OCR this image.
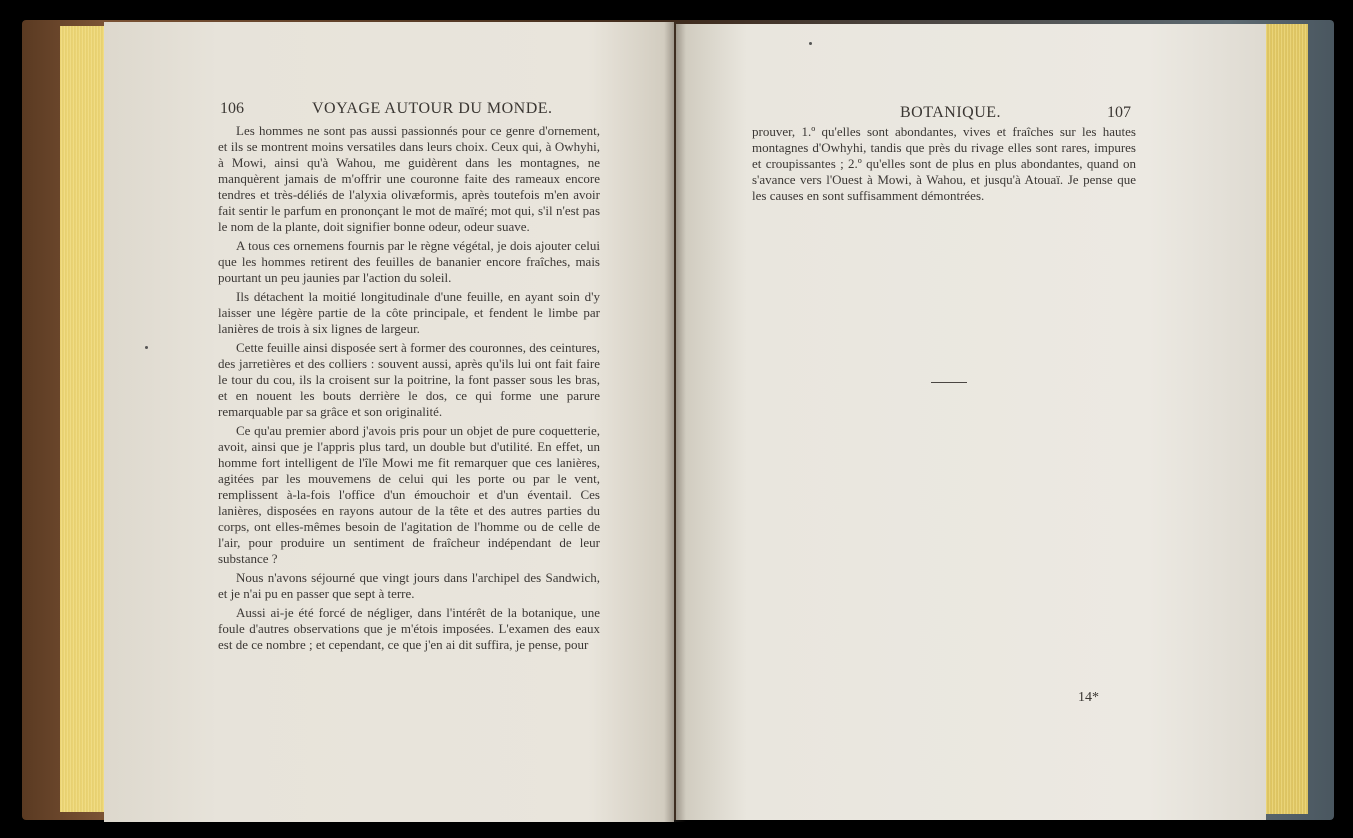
106	VOYAGE AUTOUR DU MONDE.

Les hommes ne sont pas aussi passionnés pour ce genre d'ornement, et ils se montrent moins versatiles dans leurs choix. Ceux qui, à Owhyhi, à Mowi, ainsi qu'à Wahou, me guidèrent dans les montagnes, ne manquèrent jamais de m'offrir une couronne faite des rameaux encore tendres et très-déliés de l'alyxia olivæformis, après toutefois m'en avoir fait sentir le parfum en prononçant le mot de maïré; mot qui, s'il n'est pas le nom de la plante, doit signifier bonne odeur, odeur suave.

A tous ces ornemens fournis par le règne végétal, je dois ajouter celui que les hommes retirent des feuilles de bananier encore fraîches, mais pourtant un peu jaunies par l'action du soleil.

Ils détachent la moitié longitudinale d'une feuille, en ayant soin d'y laisser une légère partie de la côte principale, et fendent le limbe par lanières de trois à six lignes de largeur.

Cette feuille ainsi disposée sert à former des couronnes, des ceintures, des jarretières et des colliers : souvent aussi, après qu'ils lui ont fait faire le tour du cou, ils la croisent sur la poitrine, la font passer sous les bras, et en nouent les bouts derrière le dos, ce qui forme une parure remarquable par sa grâce et son originalité.

Ce qu'au premier abord j'avois pris pour un objet de pure coquetterie, avoit, ainsi que je l'appris plus tard, un double but d'utilité. En effet, un homme fort intelligent de l'île Mowi me fit remarquer que ces lanières, agitées par les mouvemens de celui qui les porte ou par le vent, remplissent à-la-fois l'office d'un émouchoir et d'un éventail. Ces lanières, disposées en rayons autour de la tête et des autres parties du corps, ont elles-mêmes besoin de l'agitation de l'homme ou de celle de l'air, pour produire un sentiment de fraîcheur indépendant de leur substance ?

Nous n'avons séjourné que vingt jours dans l'archipel des Sandwich, et je n'ai pu en passer que sept à terre.

Aussi ai-je été forcé de négliger, dans l'intérêt de la botanique, une foule d'autres observations que je m'étois imposées. L'examen des eaux est de ce nombre ; et cependant, ce que j'en ai dit suffira, je pense, pour

BOTANIQUE.	107

prouver, 1.º qu'elles sont abondantes, vives et fraîches sur les hautes montagnes d'Owhyhi, tandis que près du rivage elles sont rares, impures et croupissantes ; 2.º qu'elles sont de plus en plus abondantes, quand on s'avance vers l'Ouest à Mowi, à Wahou, et jusqu'à Atouaï. Je pense que les causes en sont suffisamment démontrées.

14*
